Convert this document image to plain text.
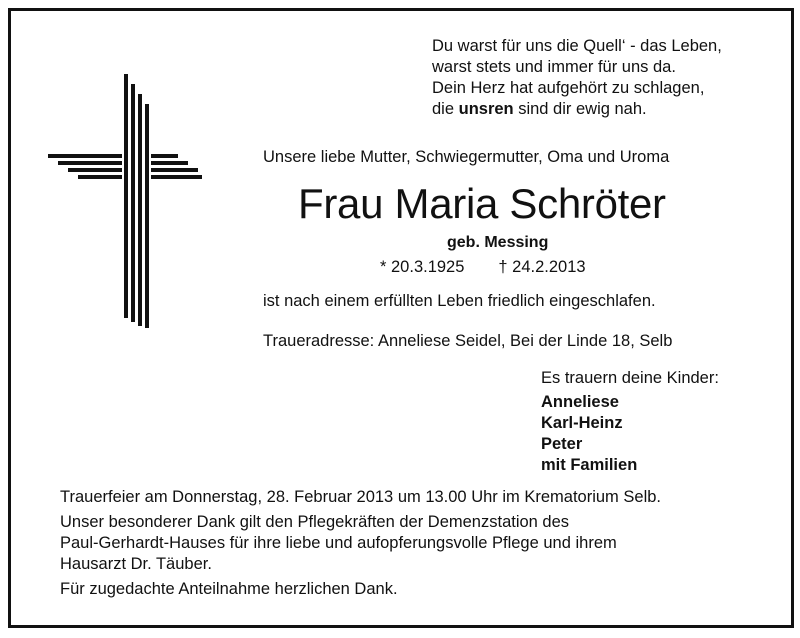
Du warst für uns die Quell‘ - das Leben,
warst stets und immer für uns da.
Dein Herz hat aufgehört zu schlagen,
die unsren sind dir ewig nah.
Unsere liebe Mutter, Schwiegermutter, Oma und Uroma
Frau Maria Schröter
geb. Messing
* 20.3.1925 † 24.2.2013
ist nach einem erfüllten Leben friedlich eingeschlafen.
Traueradresse: Anneliese Seidel, Bei der Linde 18, Selb
Es trauern deine Kinder:
Anneliese
Karl-Heinz
Peter
mit Familien
Trauerfeier am Donnerstag, 28. Februar 2013 um 13.00 Uhr im Krematorium Selb.
Unser besonderer Dank gilt den Pflegekräften der Demenzstation des
Paul-Gerhardt-Hauses für ihre liebe und aufopferungsvolle Pflege und ihrem
Hausarzt Dr. Täuber.
Für zugedachte Anteilnahme herzlichen Dank.
